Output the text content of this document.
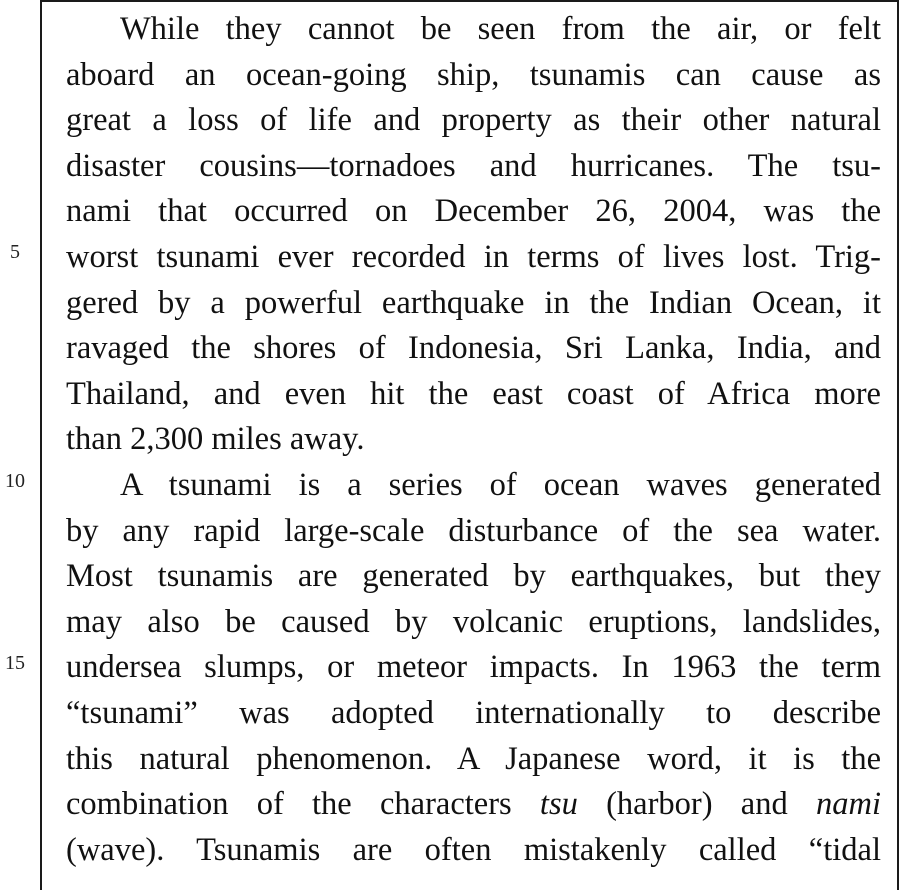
5
10
15
While they cannot be seen from the air, or felt
aboard an ocean-going ship, tsunamis can cause as
great a loss of life and property as their other natural
disaster cousins—tornadoes and hurricanes. The tsu-
nami that occurred on December 26, 2004, was the
worst tsunami ever recorded in terms of lives lost. Trig-
gered by a powerful earthquake in the Indian Ocean, it
ravaged the shores of Indonesia, Sri Lanka, India, and
Thailand, and even hit the east coast of Africa more
than 2,300 miles away.
A tsunami is a series of ocean waves generated
by any rapid large-scale disturbance of the sea water.
Most tsunamis are generated by earthquakes, but they
may also be caused by volcanic eruptions, landslides,
undersea slumps, or meteor impacts. In 1963 the term
“tsunami” was adopted internationally to describe
this natural phenomenon. A Japanese word, it is the
combination of the characters tsu (harbor) and nami
(wave). Tsunamis are often mistakenly called “tidal
